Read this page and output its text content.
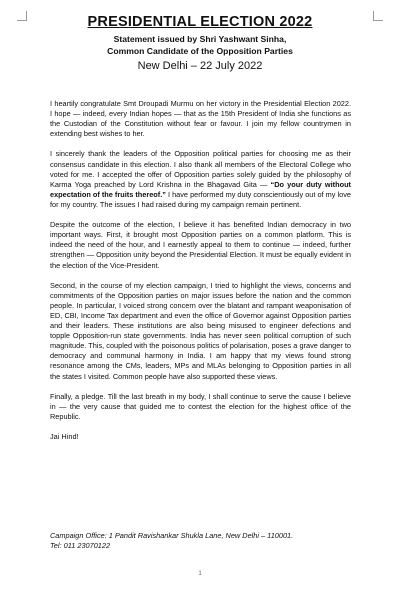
PRESIDENTIAL ELECTION 2022
Statement issued by Shri Yashwant Sinha,
Common Candidate of the Opposition Parties
New Delhi – 22 July 2022

I heartily congratulate Smt Droupadi Murmu on her victory in the Presidential Election 2022. I hope — indeed, every Indian hopes — that as the 15th President of India she functions as the Custodian of the Constitution without fear or favour. I join my fellow countrymen in extending best wishes to her.

I sincerely thank the leaders of the Opposition political parties for choosing me as their consensus candidate in this election. I also thank all members of the Electoral College who voted for me. I accepted the offer of Opposition parties solely guided by the philosophy of Karma Yoga preached by Lord Krishna in the Bhagavad Gita — “Do your duty without expectation of the fruits thereof.” I have performed my duty conscientiously out of my love for my country. The issues I had raised during my campaign remain pertinent.

Despite the outcome of the election, I believe it has benefited Indian democracy in two important ways. First, it brought most Opposition parties on a common platform. This is indeed the need of the hour, and I earnestly appeal to them to continue — indeed, further strengthen — Opposition unity beyond the Presidential Election. It must be equally evident in the election of the Vice-President.

Second, in the course of my election campaign, I tried to highlight the views, concerns and commitments of the Opposition parties on major issues before the nation and the common people. In particular, I voiced strong concern over the blatant and rampant weaponisation of ED, CBI, Income Tax department and even the office of Governor against Opposition parties and their leaders. These institutions are also being misused to engineer defections and topple Opposition-run state governments. India has never seen political corruption of such magnitude. This, coupled with the poisonous politics of polarisation, poses a grave danger to democracy and communal harmony in India. I am happy that my views found strong resonance among the CMs, leaders, MPs and MLAs belonging to Opposition parties in all the states I visited. Common people have also supported these views.

Finally, a pledge. Till the last breath in my body, I shall continue to serve the cause I believe in — the very cause that guided me to contest the election for the highest office of the Republic.

Jai Hind!

Campaign Office: 1 Pandit Ravishankar Shukla Lane, New Delhi – 110001.
Tel: 011 23070122
1
